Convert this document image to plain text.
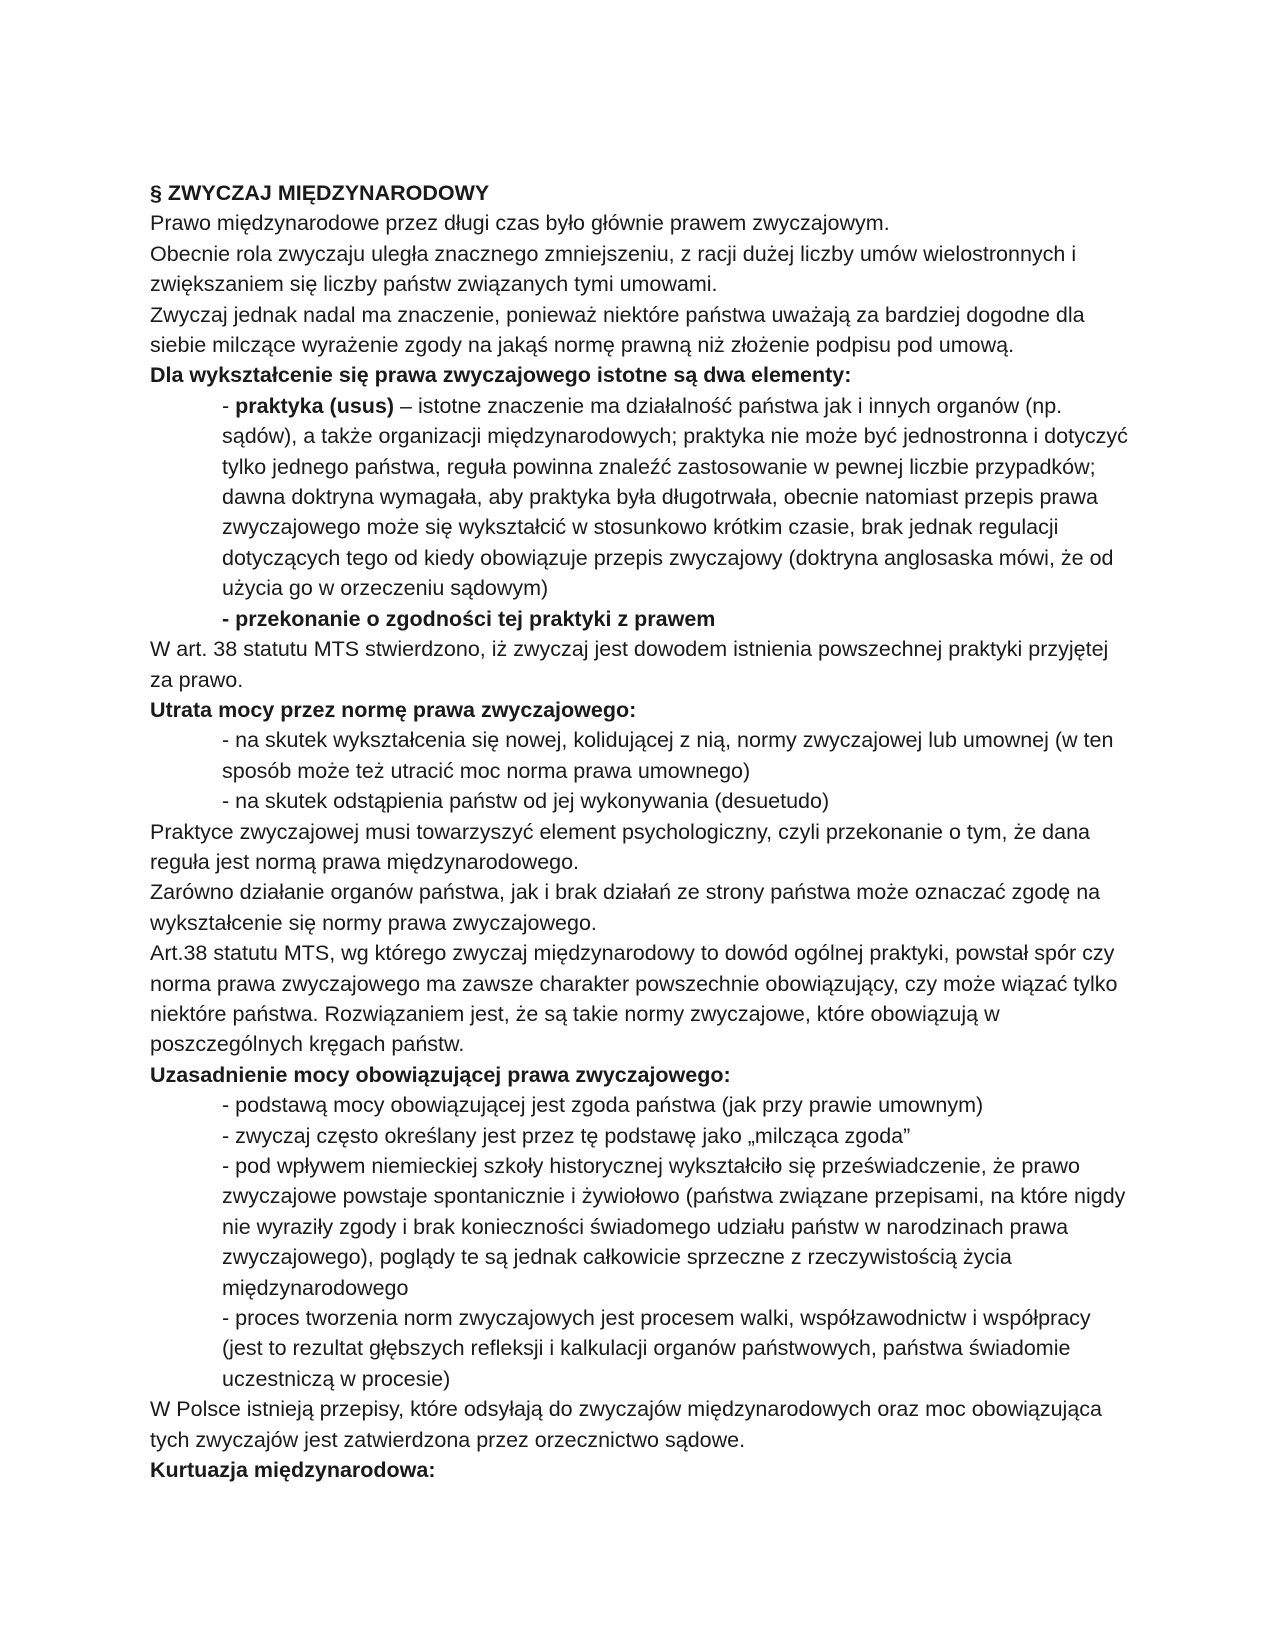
§ ZWYCZAJ MIĘDZYNARODOWY

Prawo międzynarodowe przez długi czas było głównie prawem zwyczajowym.

Obecnie rola zwyczaju uległa znacznego zmniejszeniu, z racji dużej liczby umów wielostronnych i zwiększaniem się liczby państw związanych tymi umowami.

Zwyczaj jednak nadal ma znaczenie, ponieważ niektóre państwa uważają za bardziej dogodne dla siebie milczące wyrażenie zgody na jakąś normę prawną niż złożenie podpisu pod umową.

Dla wykształcenie się prawa zwyczajowego istotne są dwa elementy:

- praktyka (usus) – istotne znaczenie ma działalność państwa jak i innych organów (np. sądów), a także organizacji międzynarodowych; praktyka nie może być jednostronna i dotyczyć tylko jednego państwa, reguła powinna znaleźć zastosowanie w pewnej liczbie przypadków; dawna doktryna wymagała, aby praktyka była długotrwała, obecnie natomiast przepis prawa zwyczajowego może się wykształcić w stosunkowo krótkim czasie, brak jednak regulacji dotyczących tego od kiedy obowiązuje przepis zwyczajowy (doktryna anglosaska mówi, że od użycia go w orzeczeniu sądowym)

- przekonanie o zgodności tej praktyki z prawem

W art. 38 statutu MTS stwierdzono, iż zwyczaj jest dowodem istnienia powszechnej praktyki przyjętej za prawo.

Utrata mocy przez normę prawa zwyczajowego:

- na skutek wykształcenia się nowej, kolidującej z nią, normy zwyczajowej lub umownej (w ten sposób może też utracić moc norma prawa umownego)

- na skutek odstąpienia państw od jej wykonywania (desuetudo)

Praktyce zwyczajowej musi towarzyszyć element psychologiczny, czyli przekonanie o tym, że dana reguła jest normą prawa międzynarodowego.

Zarówno działanie organów państwa, jak i brak działań ze strony państwa może oznaczać zgodę na wykształcenie się normy prawa zwyczajowego.

Art.38 statutu MTS, wg którego zwyczaj międzynarodowy to dowód ogólnej praktyki, powstał spór czy norma prawa zwyczajowego ma zawsze charakter powszechnie obowiązujący, czy może wiązać tylko niektóre państwa. Rozwiązaniem jest, że są takie normy zwyczajowe, które obowiązują w poszczególnych kręgach państw.

Uzasadnienie mocy obowiązującej prawa zwyczajowego:

- podstawą mocy obowiązującej jest zgoda państwa (jak przy prawie umownym)

- zwyczaj często określany jest przez tę podstawę jako „milcząca zgoda”

- pod wpływem niemieckiej szkoły historycznej wykształciło się przeświadczenie, że prawo zwyczajowe powstaje spontanicznie i żywiołowo (państwa związane przepisami, na które nigdy nie wyraziły zgody i brak konieczności świadomego udziału państw w narodzinach prawa zwyczajowego), poglądy te są jednak całkowicie sprzeczne z rzeczywistością życia międzynarodowego

- proces tworzenia norm zwyczajowych jest procesem walki, współzawodnictw i współpracy (jest to rezultat głębszych refleksji i kalkulacji organów państwowych, państwa świadomie uczestniczą w procesie)

W Polsce istnieją przepisy, które odsyłają do zwyczajów międzynarodowych oraz moc obowiązująca tych zwyczajów jest zatwierdzona przez orzecznictwo sądowe.

Kurtuazja międzynarodowa:
